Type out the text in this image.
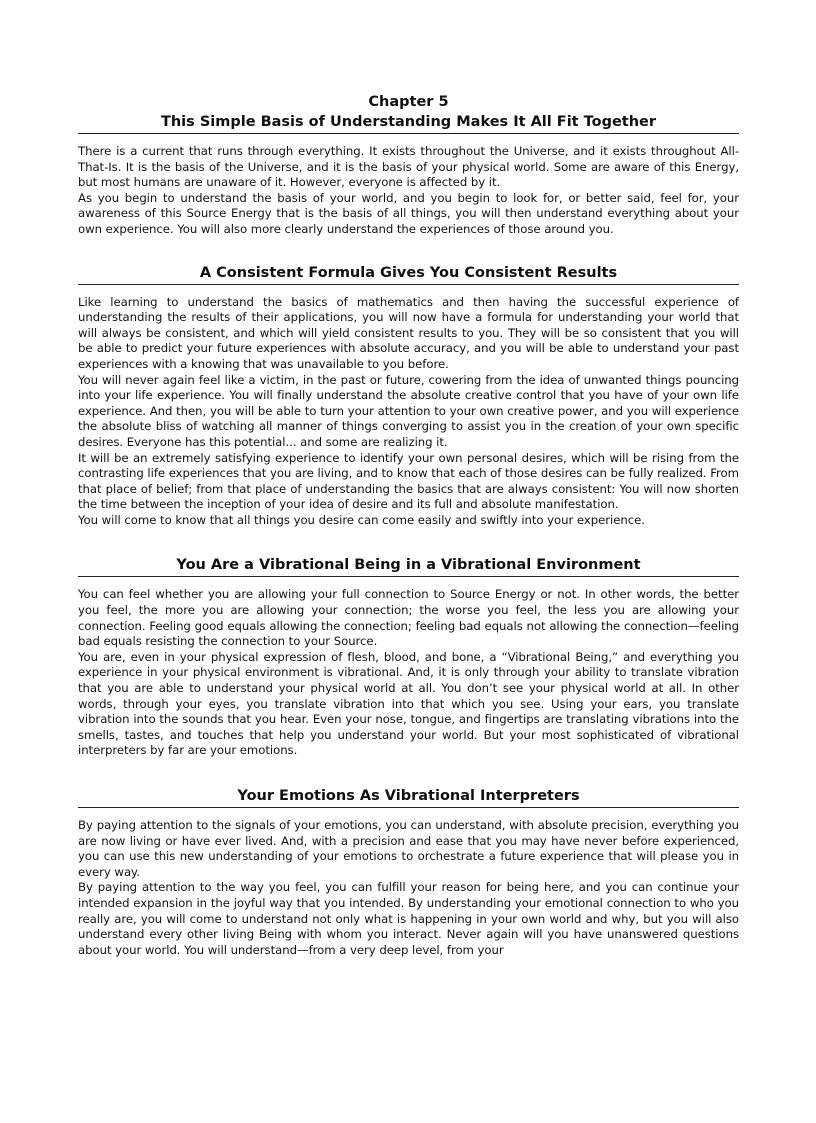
Chapter 5
This Simple Basis of Understanding Makes It All Fit Together

There is a current that runs through everything. It exists throughout the Universe, and it exists throughout All-That-Is. It is the basis of the Universe, and it is the basis of your physical world. Some are aware of this Energy, but most humans are unaware of it. However, everyone is affected by it.

As you begin to understand the basis of your world, and you begin to look for, or better said, feel for, your awareness of this Source Energy that is the basis of all things, you will then understand everything about your own experience. You will also more clearly understand the experiences of those around you.

A Consistent Formula Gives You Consistent Results

Like learning to understand the basics of mathematics and then having the successful experience of understanding the results of their applications, you will now have a formula for understanding your world that will always be consistent, and which will yield consistent results to you. They will be so consistent that you will be able to predict your future experiences with absolute accuracy, and you will be able to understand your past experiences with a knowing that was unavailable to you before.

You will never again feel like a victim, in the past or future, cowering from the idea of unwanted things pouncing into your life experience. You will finally understand the absolute creative control that you have of your own life experience. And then, you will be able to turn your attention to your own creative power, and you will experience the absolute bliss of watching all manner of things converging to assist you in the creation of your own specific desires. Everyone has this potential... and some are realizing it.

It will be an extremely satisfying experience to identify your own personal desires, which will be rising from the contrasting life experiences that you are living, and to know that each of those desires can be fully realized. From that place of belief; from that place of understanding the basics that are always consistent: You will now shorten the time between the inception of your idea of desire and its full and absolute manifestation.

You will come to know that all things you desire can come easily and swiftly into your experience.

You Are a Vibrational Being in a Vibrational Environment

You can feel whether you are allowing your full connection to Source Energy or not. In other words, the better you feel, the more you are allowing your connection; the worse you feel, the less you are allowing your connection. Feeling good equals allowing the connection; feeling bad equals not allowing the connection—feeling bad equals resisting the connection to your Source.

You are, even in your physical expression of flesh, blood, and bone, a “Vibrational Being,” and everything you experience in your physical environment is vibrational. And, it is only through your ability to translate vibration that you are able to understand your physical world at all. You don’t see your physical world at all. In other words, through your eyes, you translate vibration into that which you see. Using your ears, you translate vibration into the sounds that you hear. Even your nose, tongue, and fingertips are translating vibrations into the smells, tastes, and touches that help you understand your world. But your most sophisticated of vibrational interpreters by far are your emotions.

Your Emotions As Vibrational Interpreters

By paying attention to the signals of your emotions, you can understand, with absolute precision, everything you are now living or have ever lived. And, with a precision and ease that you may have never before experienced, you can use this new understanding of your emotions to orchestrate a future experience that will please you in every way.

By paying attention to the way you feel, you can fulfill your reason for being here, and you can continue your intended expansion in the joyful way that you intended. By understanding your emotional connection to who you really are, you will come to understand not only what is happening in your own world and why, but you will also understand every other living Being with whom you interact. Never again will you have unanswered questions about your world. You will understand—from a very deep level, from your
